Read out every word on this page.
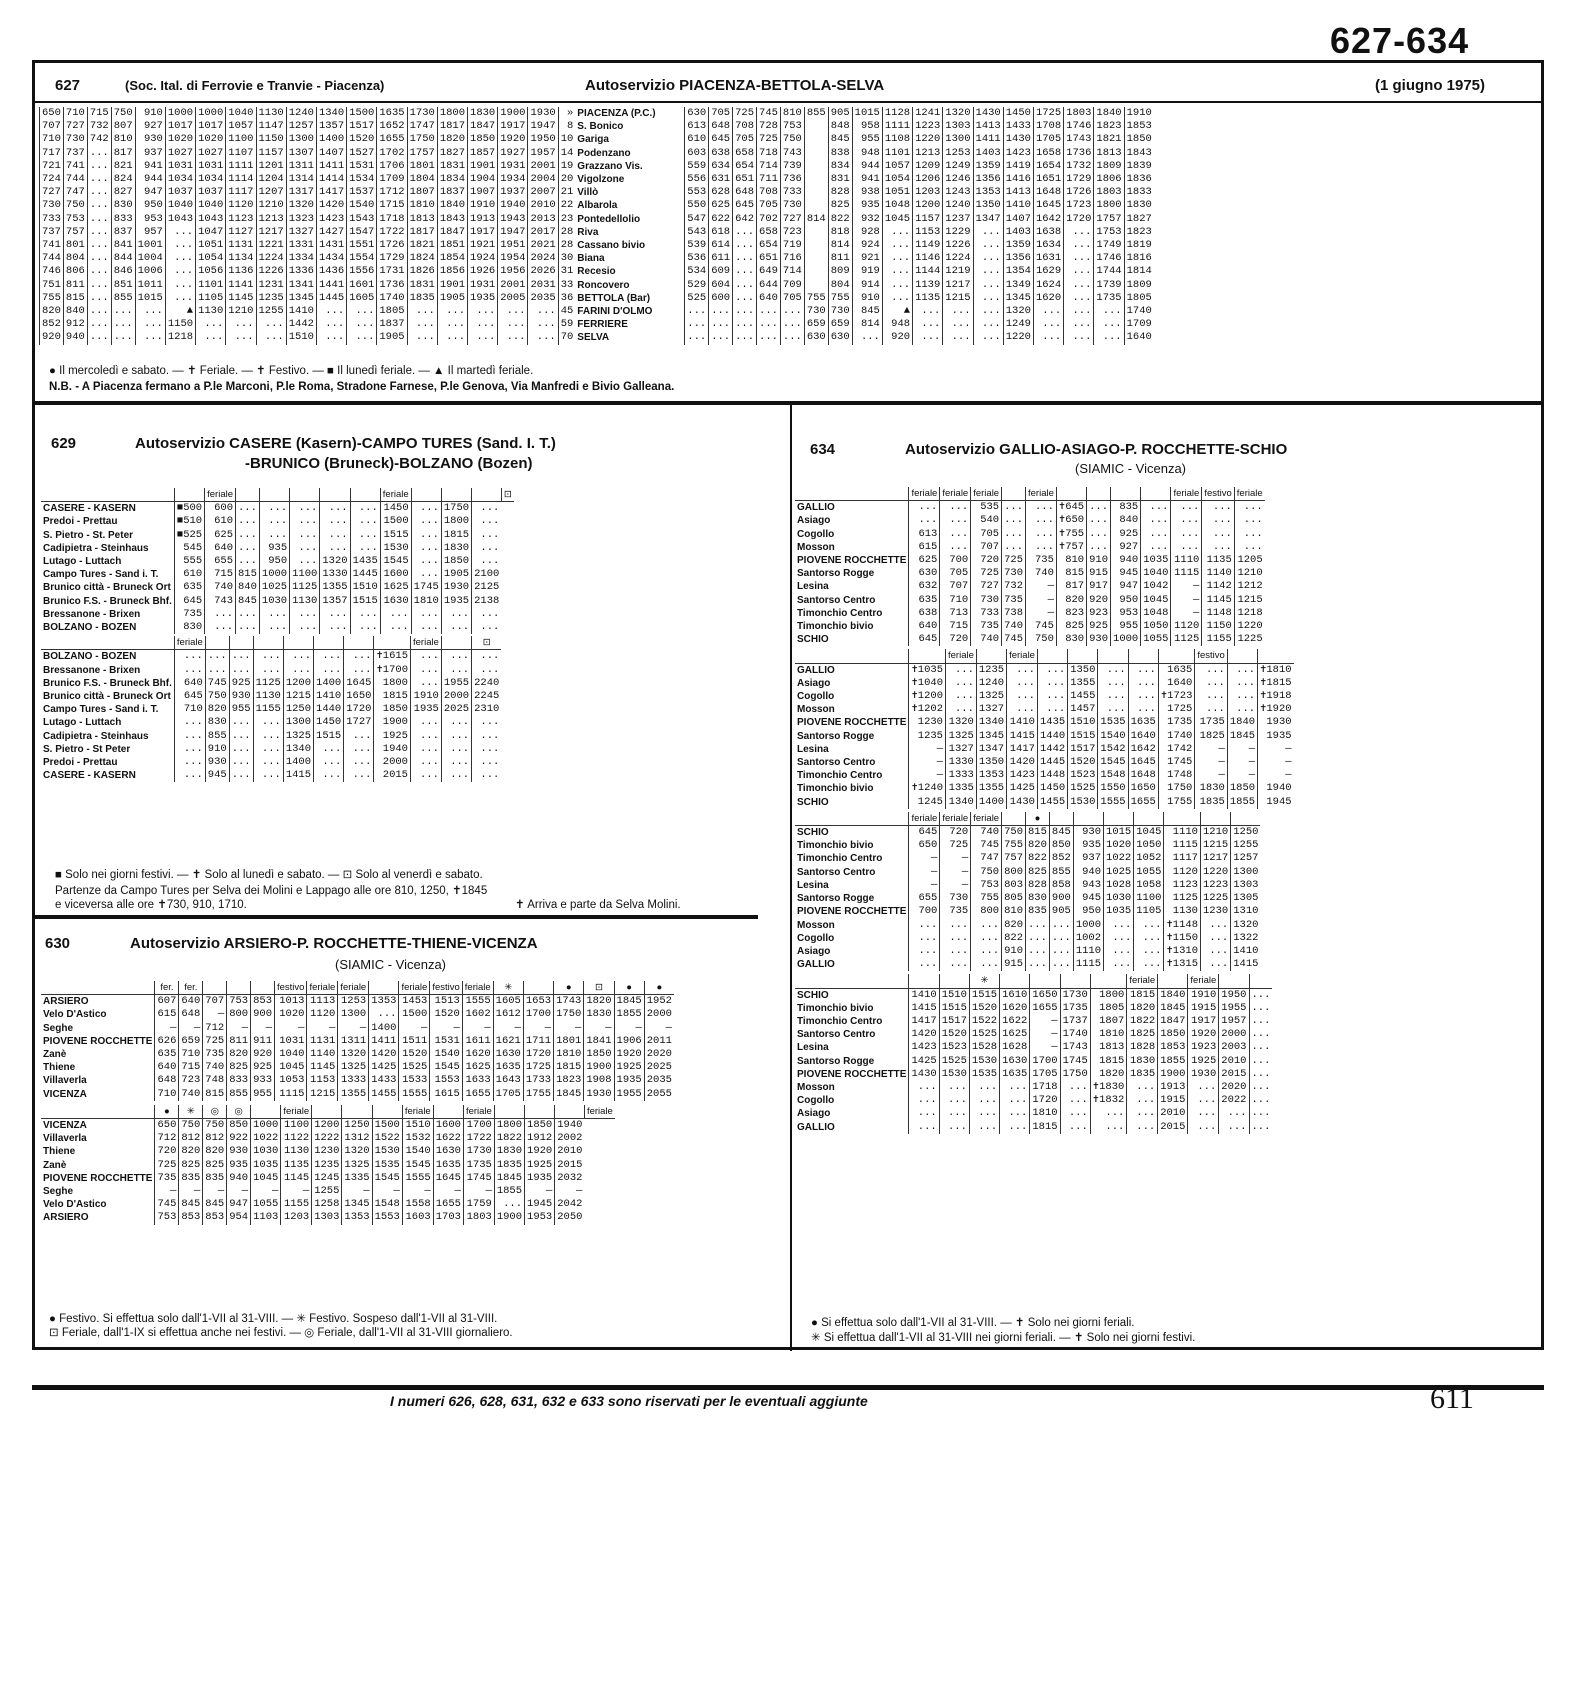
627-634
627	(Soc. Ital. di Ferrovie e Tranvie - Piacenza)	Autoservizio PIACENZA-BETTOLA-SELVA	(1 giugno 1975)
650	710	715	750	910	1000	1000	1040	1130	1240	1340	1500	1635	1730	1800	1830	1900	1930	»	PIACENZA (P.C.)	630	705	725	745	810	855	905	1015	1128	1241	1320	1430	1450	1725	1803	1840	1910
707	727	732	807	927	1017	1017	1057	1147	1257	1357	1517	1652	1747	1817	1847	1917	1947	8	S. Bonico	613	648	708	728	753		848	958	1111	1223	1303	1413	1433	1708	1746	1823	1853
710	730	742	810	930	1020	1020	1100	1150	1300	1400	1520	1655	1750	1820	1850	1920	1950	10	Gariga	610	645	705	725	750		845	955	1108	1220	1300	1411	1430	1705	1743	1821	1850
717	737	...	817	937	1027	1027	1107	1157	1307	1407	1527	1702	1757	1827	1857	1927	1957	14	Podenzano	603	638	658	718	743		838	948	1101	1213	1253	1403	1423	1658	1736	1813	1843
721	741	...	821	941	1031	1031	1111	1201	1311	1411	1531	1706	1801	1831	1901	1931	2001	19	Grazzano Vis.	559	634	654	714	739		834	944	1057	1209	1249	1359	1419	1654	1732	1809	1839
724	744	...	824	944	1034	1034	1114	1204	1314	1414	1534	1709	1804	1834	1904	1934	2004	20	Vigolzone	556	631	651	711	736		831	941	1054	1206	1246	1356	1416	1651	1729	1806	1836
727	747	...	827	947	1037	1037	1117	1207	1317	1417	1537	1712	1807	1837	1907	1937	2007	21	Villò	553	628	648	708	733		828	938	1051	1203	1243	1353	1413	1648	1726	1803	1833
730	750	...	830	950	1040	1040	1120	1210	1320	1420	1540	1715	1810	1840	1910	1940	2010	22	Albarola	550	625	645	705	730		825	935	1048	1200	1240	1350	1410	1645	1723	1800	1830
733	753	...	833	953	1043	1043	1123	1213	1323	1423	1543	1718	1813	1843	1913	1943	2013	23	Pontedellolio	547	622	642	702	727	814	822	932	1045	1157	1237	1347	1407	1642	1720	1757	1827
737	757	...	837	957	...	1047	1127	1217	1327	1427	1547	1722	1817	1847	1917	1947	2017	28	Riva	543	618	...	658	723		818	928	...	1153	1229	...	1403	1638	...	1753	1823
741	801	...	841	1001	...	1051	1131	1221	1331	1431	1551	1726	1821	1851	1921	1951	2021	28	Cassano bivio	539	614	...	654	719		814	924	...	1149	1226	...	1359	1634	...	1749	1819
744	804	...	844	1004	...	1054	1134	1224	1334	1434	1554	1729	1824	1854	1924	1954	2024	30	Biana	536	611	...	651	716		811	921	...	1146	1224	...	1356	1631	...	1746	1816
746	806	...	846	1006	...	1056	1136	1226	1336	1436	1556	1731	1826	1856	1926	1956	2026	31	Recesio	534	609	...	649	714		809	919	...	1144	1219	...	1354	1629	...	1744	1814
751	811	...	851	1011	...	1101	1141	1231	1341	1441	1601	1736	1831	1901	1931	2001	2031	33	Roncovero	529	604	...	644	709		804	914	...	1139	1217	...	1349	1624	...	1739	1809
755	815	...	855	1015	...	1105	1145	1235	1345	1445	1605	1740	1835	1905	1935	2005	2035	36	BETTOLA (Bar)	525	600	...	640	705	755	755	910	...	1135	1215	...	1345	1620	...	1735	1805
820	840	...	...	...	▲	1130	1210	1255	1410	...	...	1805	...	...	...	...	...	45	FARINI D'OLMO	...	...	...	...	...	730	730	845	▲	...	...	...	1320	...	...	...	1740
852	912	...	...	...	1150	...	...	...	1442	...	...	1837	...	...	...	...	...	59	FERRIERE	...	...	...	...	...	659	659	814	948	...	...	...	1249	...	...	...	1709
920	940	...	...	...	1218	...	...	...	1510	...	...	1905	...	...	...	...	...	70	SELVA	...	...	...	...	...	630	630	...	920	...	...	...	1220	...	...	...	1640
● Il mercoledì e sabato. — ✝ Feriale. — ✝ Festivo. — ■ Il lunedì feriale. — ▲ Il martedì feriale.
N.B. - A Piacenza fermano a P.le Marconi, P.le Roma, Stradone Farnese, P.le Genova, Via Manfredi e Bivio Galleana.
629	Autoservizio CASERE (Kasern)-CAMPO TURES (Sand. I. T.)
-BRUNICO (Bruneck)-BOLZANO (Bozen)
		feriale						feriale				⊡
CASERE - KASERN	■500	600	...	...	...	...	...	1450	...	1750	...	
Predoi - Prettau	■510	610	...	...	...	...	...	1500	...	1800	...	
S. Pietro - St. Peter	■525	625	...	...	...	...	...	1515	...	1815	...	
Cadipietra - Steinhaus	545	640	...	935	...	...	...	1530	...	1830	...	
Lutago - Luttach	555	655	...	950	...	1320	1435	1545	...	1850	...	
Campo Tures - Sand i. T.	610	715	815	1000	1100	1330	1445	1600	...	1905	2100	
Brunico città - Bruneck Ort	635	740	840	1025	1125	1355	1510	1625	1745	1930	2125	
Brunico F.S. - Bruneck Bhf.	645	743	845	1030	1130	1357	1515	1630	1810	1935	2138	
Bressanone - Brixen	735	...	...	...	...	...	...	...	...	...	...	
BOLZANO - BOZEN	830	...	...	...	...	...	...	...	...	...	...	
	feriale								feriale		⊡
BOLZANO - BOZEN	...	...	...	...	...	...	...	✝1615	...	...	...
Bressanone - Brixen	...	...	...	...	...	...	...	✝1700	...	...	...
Brunico F.S. - Bruneck Bhf.	640	745	925	1125	1200	1400	1645	1800	...	1955	2240
Brunico città - Bruneck Ort	645	750	930	1130	1215	1410	1650	1815	1910	2000	2245
Campo Tures - Sand i. T.	710	820	955	1155	1250	1440	1720	1850	1935	2025	2310
Lutago - Luttach	...	830	...	...	1300	1450	1727	1900	...	...	...
Cadipietra - Steinhaus	...	855	...	...	1325	1515	...	1925	...	...	...
S. Pietro - St Peter	...	910	...	...	1340	...	...	1940	...	...	...
Predoi - Prettau	...	930	...	...	1400	...	...	2000	...	...	...
CASERE - KASERN	...	945	...	...	1415	...	...	2015	...	...	...
■ Solo nei giorni festivi. — ✝ Solo al lunedì e sabato. — ⊡ Solo al venerdì e sabato.
Partenze da Campo Tures per Selva dei Molini e Lappago alle ore 810, 1250, ✝1845
e viceversa alle ore ✝730, 910, 1710.	✝ Arriva e parte da Selva Molini.
630	Autoservizio ARSIERO-P. ROCCHETTE-THIENE-VICENZA
(SIAMIC - Vicenza)
	fer.	fer.				festivo	feriale	feriale		feriale	festivo	feriale	✳		●	⊡	●	●
ARSIERO	607	640	707	753	853	1013	1113	1253	1353	1453	1513	1555	1605	1653	1743	1820	1845	1952
Velo D'Astico	615	648	—	800	900	1020	1120	1300	...	1500	1520	1602	1612	1700	1750	1830	1855	2000
Seghe	—	—	712	—	—	—	—	—	1400	—	—	—	—	—	—	—	—	—
PIOVENE ROCCHETTE	626	659	725	811	911	1031	1131	1311	1411	1511	1531	1611	1621	1711	1801	1841	1906	2011
Zanè	635	710	735	820	920	1040	1140	1320	1420	1520	1540	1620	1630	1720	1810	1850	1920	2020
Thiene	640	715	740	825	925	1045	1145	1325	1425	1525	1545	1625	1635	1725	1815	1900	1925	2025
Villaverla	648	723	748	833	933	1053	1153	1333	1433	1533	1553	1633	1643	1733	1823	1908	1935	2035
VICENZA	710	740	815	855	955	1115	1215	1355	1455	1555	1615	1655	1705	1755	1845	1930	1955	2055
	●	✳	◎	◎		feriale				feriale		feriale				feriale
VICENZA	650	750	750	850	1000	1100	1200	1250	1500	1510	1600	1700	1800	1850	1940	
Villaverla	712	812	812	922	1022	1122	1222	1312	1522	1532	1622	1722	1822	1912	2002	
Thiene	720	820	820	930	1030	1130	1230	1320	1530	1540	1630	1730	1830	1920	2010	
Zanè	725	825	825	935	1035	1135	1235	1325	1535	1545	1635	1735	1835	1925	2015	
PIOVENE ROCCHETTE	735	835	835	940	1045	1145	1245	1335	1545	1555	1645	1745	1845	1935	2032	
Seghe	—	—	—	—	—	—	1255	—	—	—	—	—	1855	—	—	
Velo D'Astico	745	845	845	947	1055	1155	1258	1345	1548	1558	1655	1759	...	1945	2042	
ARSIERO	753	853	853	954	1103	1203	1303	1353	1553	1603	1703	1803	1900	1953	2050	
● Festivo. Si effettua solo dall'1-VII al 31-VIII. — ✳ Festivo. Sospeso dall'1-VII al 31-VIII.
⊡ Feriale, dall'1-IX si effettua anche nei festivi. — ◎ Feriale, dall'1-VII al 31-VIII giornaliero.
634	Autoservizio GALLIO-ASIAGO-P. ROCCHETTE-SCHIO
(SIAMIC - Vicenza)
	feriale	feriale	feriale		feriale					feriale	festivo	feriale
GALLIO	...	...	535	...	...	✝645	...	835	...	...	...	...
Asiago	...	...	540	...	...	✝650	...	840	...	...	...	...
Cogollo	613	...	705	...	...	✝755	...	925	...	...	...	...
Mosson	615	...	707	...	...	✝757	...	927	...	...	...	...
PIOVENE ROCCHETTE	625	700	720	725	735	810	910	940	1035	1110	1135	1205
Santorso Rogge	630	705	725	730	740	815	915	945	1040	1115	1140	1210
Lesina	632	707	727	732	—	817	917	947	1042	—	1142	1212
Santorso Centro	635	710	730	735	—	820	920	950	1045	—	1145	1215
Timonchio Centro	638	713	733	738	—	823	923	953	1048	—	1148	1218
Timonchio bivio	640	715	735	740	745	825	925	955	1050	1120	1150	1220
SCHIO	645	720	740	745	750	830	930	1000	1055	1125	1155	1225
		feriale		feriale						festivo		
GALLIO	✝1035	...	1235	...	...	1350	...	...	1635	...	...	✝1810
Asiago	✝1040	...	1240	...	...	1355	...	...	1640	...	...	✝1815
Cogollo	✝1200	...	1325	...	...	1455	...	...	✝1723	...	...	✝1918
Mosson	✝1202	...	1327	...	...	1457	...	...	1725	...	...	✝1920
PIOVENE ROCCHETTE	1230	1320	1340	1410	1435	1510	1535	1635	1735	1735	1840	1930
Santorso Rogge	1235	1325	1345	1415	1440	1515	1540	1640	1740	1825	1845	1935
Lesina	—	1327	1347	1417	1442	1517	1542	1642	1742	—	—	—
Santorso Centro	—	1330	1350	1420	1445	1520	1545	1645	1745	—	—	—
Timonchio Centro	—	1333	1353	1423	1448	1523	1548	1648	1748	—	—	—
Timonchio bivio	✝1240	1335	1355	1425	1450	1525	1550	1650	1750	1830	1850	1940
SCHIO	1245	1340	1400	1430	1455	1530	1555	1655	1755	1835	1855	1945
	feriale	feriale	feriale		●							
SCHIO	645	720	740	750	815	845	930	1015	1045	1110	1210	1250
Timonchio bivio	650	725	745	755	820	850	935	1020	1050	1115	1215	1255
Timonchio Centro	—	—	747	757	822	852	937	1022	1052	1117	1217	1257
Santorso Centro	—	—	750	800	825	855	940	1025	1055	1120	1220	1300
Lesina	—	—	753	803	828	858	943	1028	1058	1123	1223	1303
Santorso Rogge	655	730	755	805	830	900	945	1030	1100	1125	1225	1305
PIOVENE ROCCHETTE	700	735	800	810	835	905	950	1035	1105	1130	1230	1310
Mosson	...	...	...	820	...	...	1000	...	...	✝1148	...	1320
Cogollo	...	...	...	822	...	...	1002	...	...	✝1150	...	1322
Asiago	...	...	...	910	...	...	1110	...	...	✝1310	...	1410
GALLIO	...	...	...	915	...	...	1115	...	...	✝1315	...	1415
			✳					feriale		feriale		
SCHIO	1410	1510	1515	1610	1650	1730	1800	1815	1840	1910	1950	...
Timonchio bivio	1415	1515	1520	1620	1655	1735	1805	1820	1845	1915	1955	...
Timonchio Centro	1417	1517	1522	1622	—	1737	1807	1822	1847	1917	1957	...
Santorso Centro	1420	1520	1525	1625	—	1740	1810	1825	1850	1920	2000	...
Lesina	1423	1523	1528	1628	—	1743	1813	1828	1853	1923	2003	...
Santorso Rogge	1425	1525	1530	1630	1700	1745	1815	1830	1855	1925	2010	...
PIOVENE ROCCHETTE	1430	1530	1535	1635	1705	1750	1820	1835	1900	1930	2015	...
Mosson	...	...	...	...	1718	...	✝1830	...	1913	...	2020	...
Cogollo	...	...	...	...	1720	...	✝1832	...	1915	...	2022	...
Asiago	...	...	...	...	1810	...	...	...	2010	...	...	...
GALLIO	...	...	...	...	1815	...	...	...	2015	...	...	...
● Si effettua solo dall'1-VII al 31-VIII. — ✝ Solo nei giorni feriali.
✳ Si effettua dall'1-VII al 31-VIII nei giorni feriali. — ✝ Solo nei giorni festivi.
I numeri 626, 628, 631, 632 e 633 sono riservati per le eventuali aggiunte	611
